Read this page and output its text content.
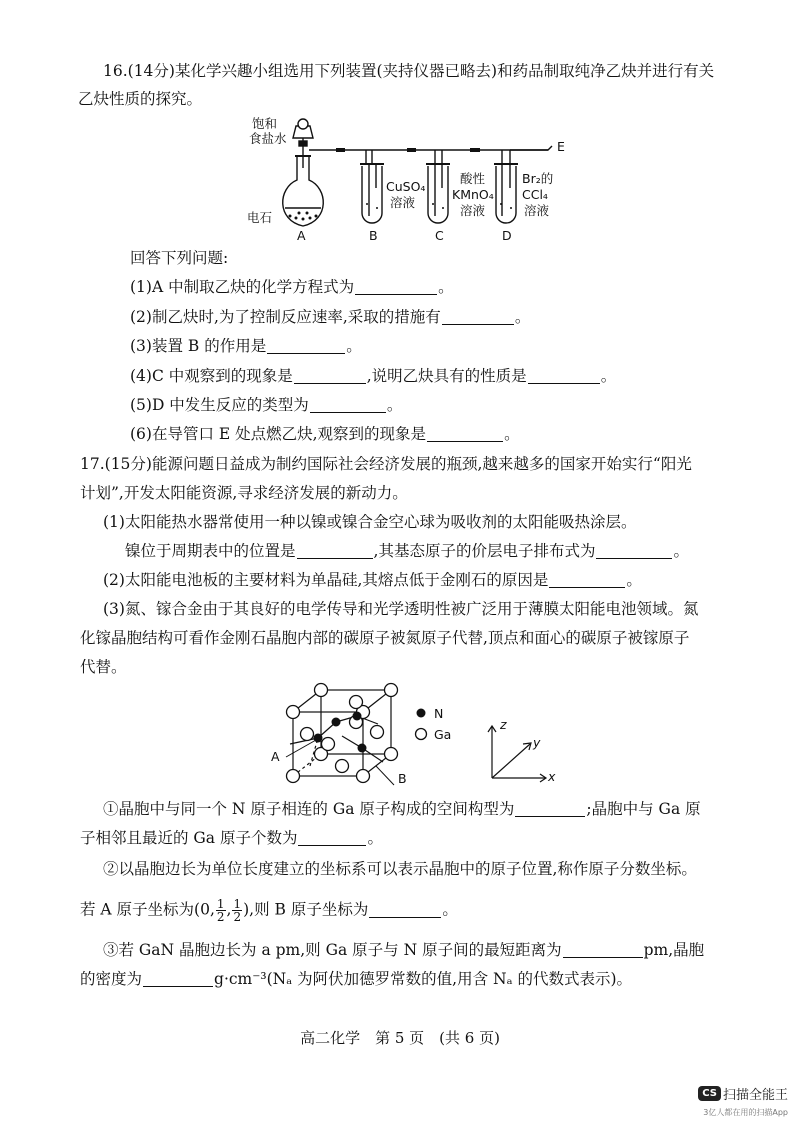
16.(14分)某化学兴趣小组选用下列装置(夹持仪器已略去)和药品制取纯净乙炔并进行有关
乙炔性质的探究。
饱和
食盐水
电石
A	B	C	D
E
CuSO₄
溶液
酸性
KMnO₄
溶液
Br₂的
CCl₄
溶液
回答下列问题:
(1)A 中制取乙炔的化学方程式为	。
(2)制乙炔时,为了控制反应速率,采取的措施有	。
(3)装置 B 的作用是	。
(4)C 中观察到的现象是	,说明乙炔具有的性质是	。
(5)D 中发生反应的类型为	。
(6)在导管口 E 处点燃乙炔,观察到的现象是	。
17.(15分)能源问题日益成为制约国际社会经济发展的瓶颈,越来越多的国家开始实行“阳光
计划”,开发太阳能资源,寻求经济发展的新动力。
(1)太阳能热水器常使用一种以镍或镍合金空心球为吸收剂的太阳能吸热涂层。
镍位于周期表中的位置是	,其基态原子的价层电子排布式为	。
(2)太阳能电池板的主要材料为单晶硅,其熔点低于金刚石的原因是	。
(3)氮、镓合金由于其良好的电学传导和光学透明性被广泛用于薄膜太阳能电池领域。氮
化镓晶胞结构可看作金刚石晶胞内部的碳原子被氮原子代替,顶点和面心的碳原子被镓原子
代替。
N
Ga
A
B
z
y
x
①晶胞中与同一个 N 原子相连的 Ga 原子构成的空间构型为	;晶胞中与 Ga 原
子相邻且最近的 Ga 原子个数为	。
②以晶胞边长为单位长度建立的坐标系可以表示晶胞中的原子位置,称作原子分数坐标。
若 A 原子坐标为(0, $\frac{1}{2}$ , $\frac{1}{2}$ ),则 B 原子坐标为	。
③若 GaN 晶胞边长为 a pm,则 Ga 原子与 N 原子间的最短距离为	pm,晶胞
的密度为	g·cm⁻³(Nₐ 为阿伏加德罗常数的值,用含 Nₐ 的代数式表示)。
高二化学　第 5 页　(共 6 页)
CS 扫描全能王
3亿人都在用的扫描App
